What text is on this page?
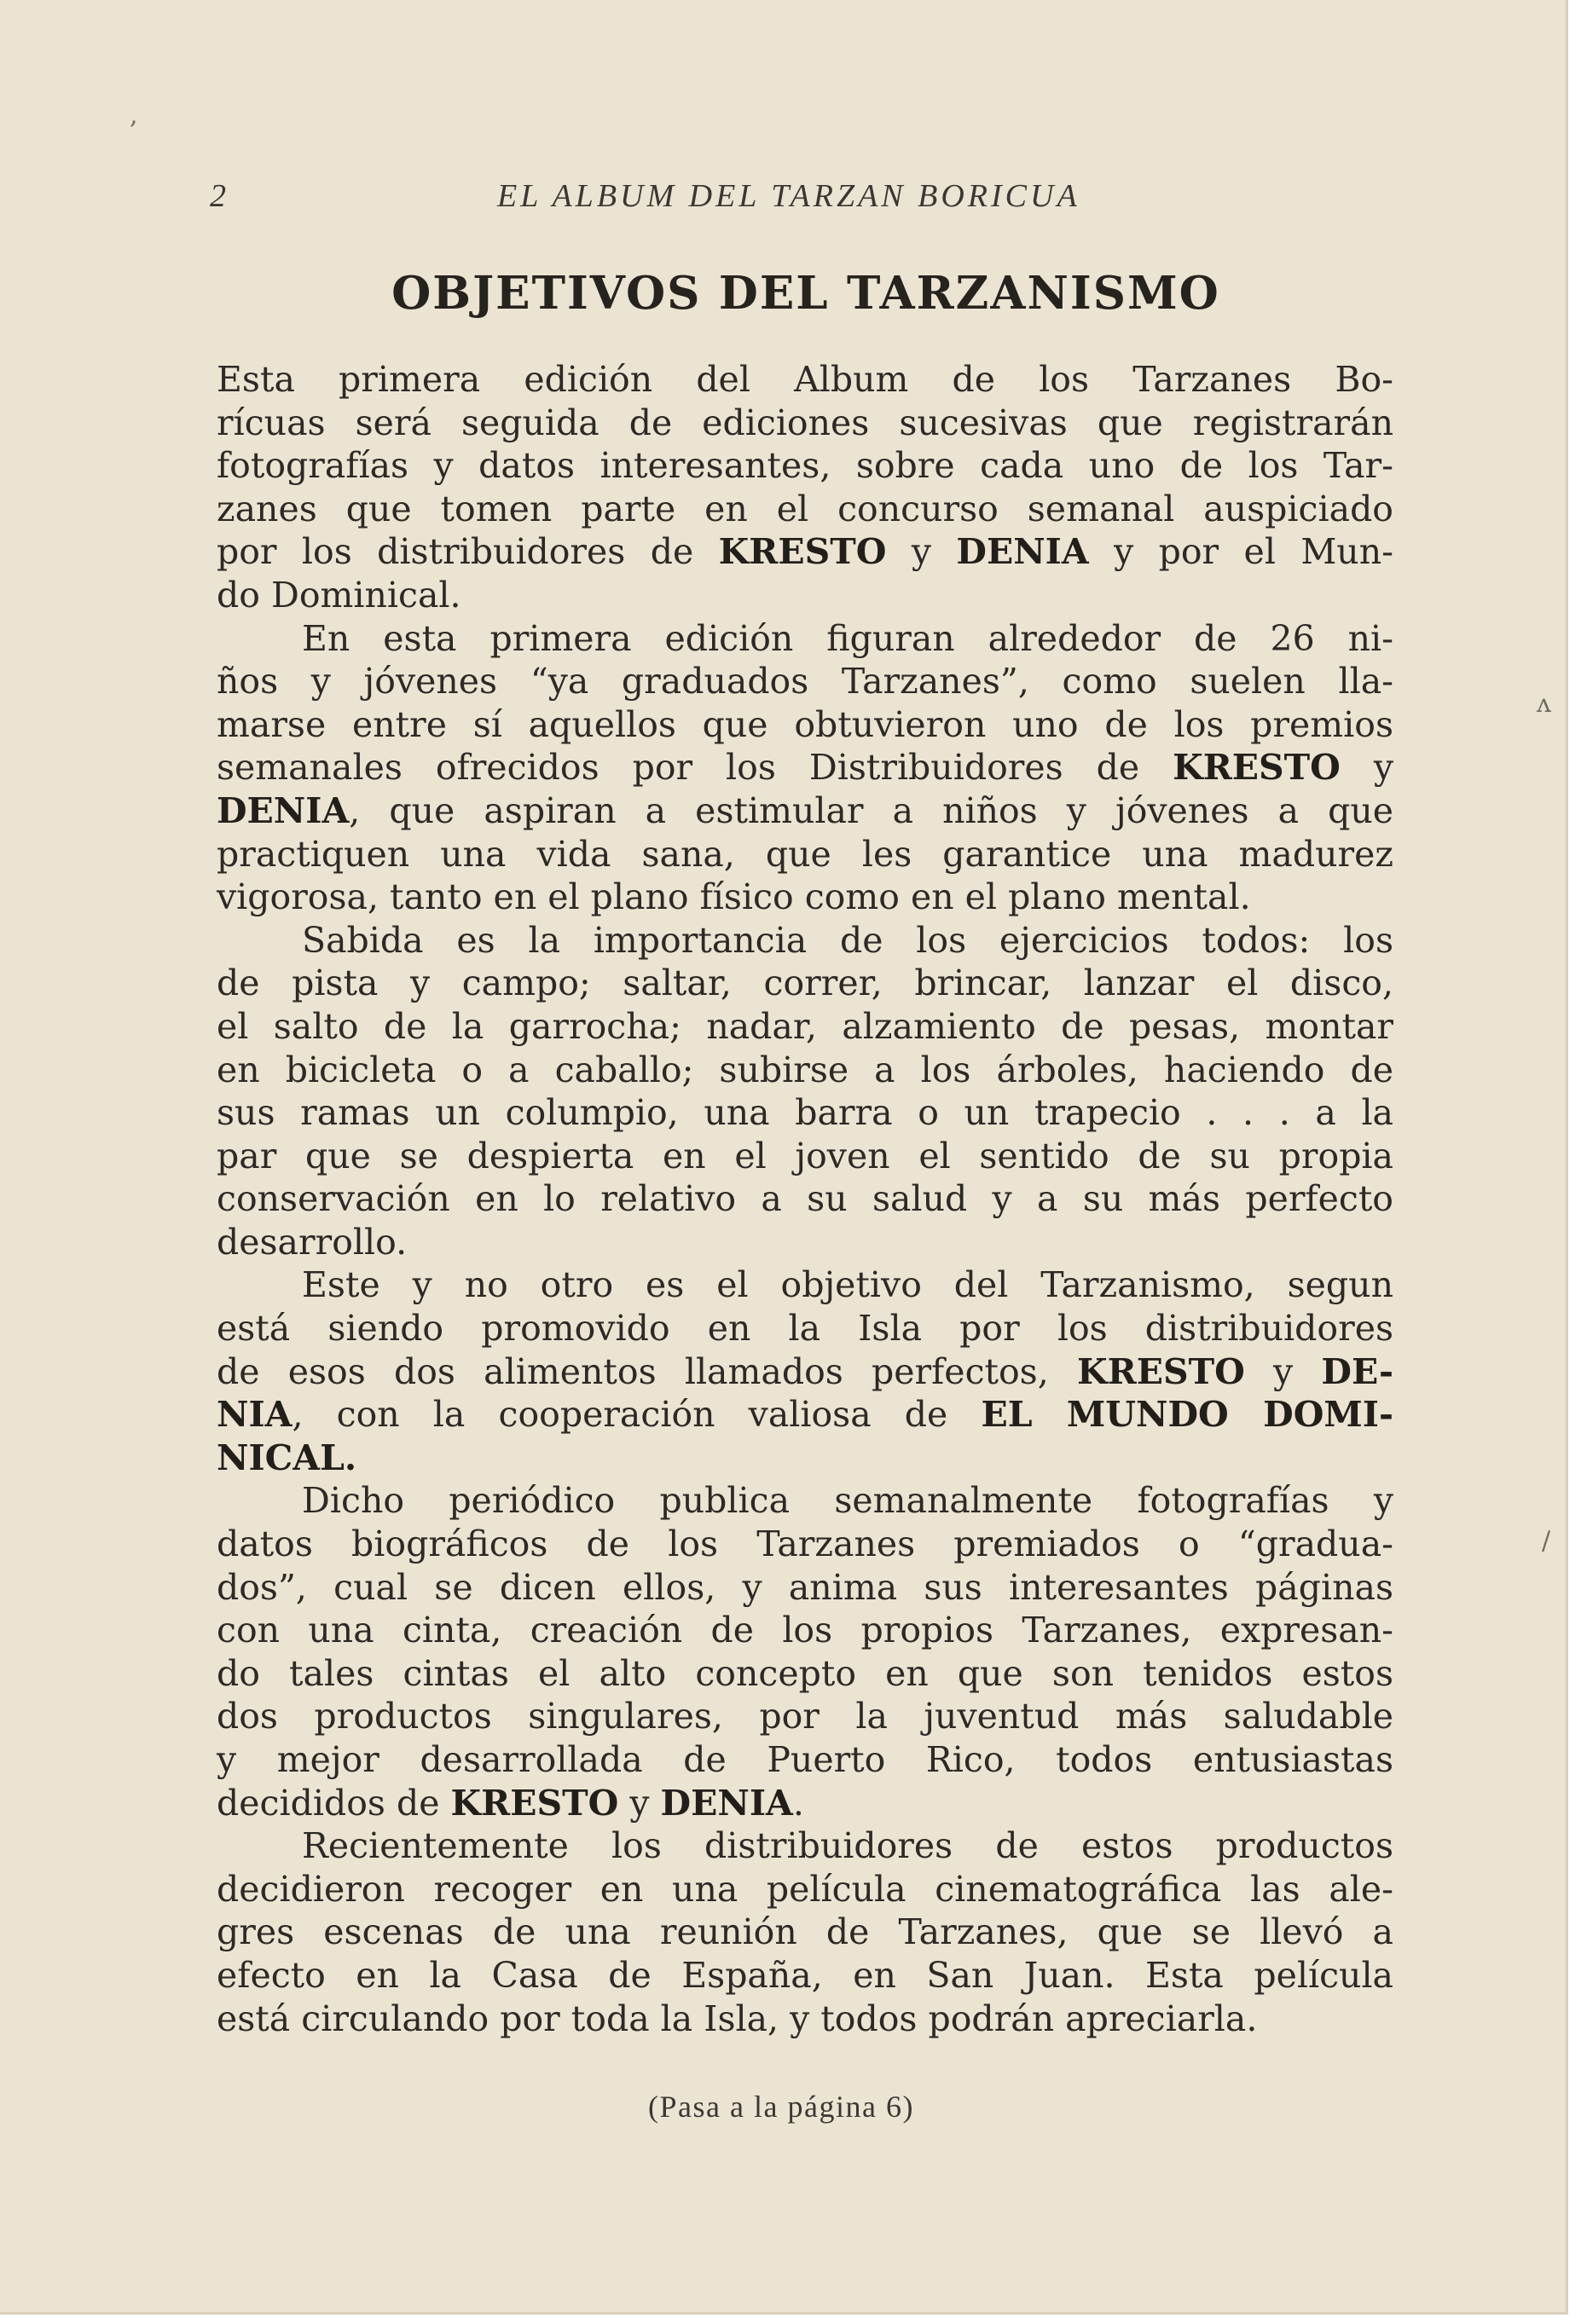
2	EL ALBUM DEL TARZAN BORICUA
OBJETIVOS DEL TARZANISMO
Esta primera edición del Album de los Tarzanes Bo-
rícuas será seguida de ediciones sucesivas que registrarán
fotografías y datos interesantes, sobre cada uno de los Tar-
zanes que tomen parte en el concurso semanal auspiciado
por los distribuidores de KRESTO y DENIA y por el Mun-
do Dominical.
En esta primera edición figuran alrededor de 26 ni-
ños y jóvenes “ya graduados Tarzanes”, como suelen lla-
marse entre sí aquellos que obtuvieron uno de los premios
semanales ofrecidos por los Distribuidores de KRESTO y
DENIA, que aspiran a estimular a niños y jóvenes a que
practiquen una vida sana, que les garantice una madurez
vigorosa, tanto en el plano físico como en el plano mental.
Sabida es la importancia de los ejercicios todos: los
de pista y campo; saltar, correr, brincar, lanzar el disco,
el salto de la garrocha; nadar, alzamiento de pesas, montar
en bicicleta o a caballo; subirse a los árboles, haciendo de
sus ramas un columpio, una barra o un trapecio . . . a la
par que se despierta en el joven el sentido de su propia
conservación en lo relativo a su salud y a su más perfecto
desarrollo.
Este y no otro es el objetivo del Tarzanismo, segun
está siendo promovido en la Isla por los distribuidores
de esos dos alimentos llamados perfectos, KRESTO y DE-
NIA, con la cooperación valiosa de EL MUNDO DOMI-
NICAL.
Dicho periódico publica semanalmente fotografías y
datos biográficos de los Tarzanes premiados o “gradua-
dos”, cual se dicen ellos, y anima sus interesantes páginas
con una cinta, creación de los propios Tarzanes, expresan-
do tales cintas el alto concepto en que son tenidos estos
dos productos singulares, por la juventud más saludable
y mejor desarrollada de Puerto Rico, todos entusiastas
decididos de KRESTO y DENIA.
Recientemente los distribuidores de estos productos
decidieron recoger en una película cinematográfica las ale-
gres escenas de una reunión de Tarzanes, que se llevó a
efecto en la Casa de España, en San Juan. Esta película
está circulando por toda la Isla, y todos podrán apreciarla.
(Pasa a la página 6)
,
ʌ
/
